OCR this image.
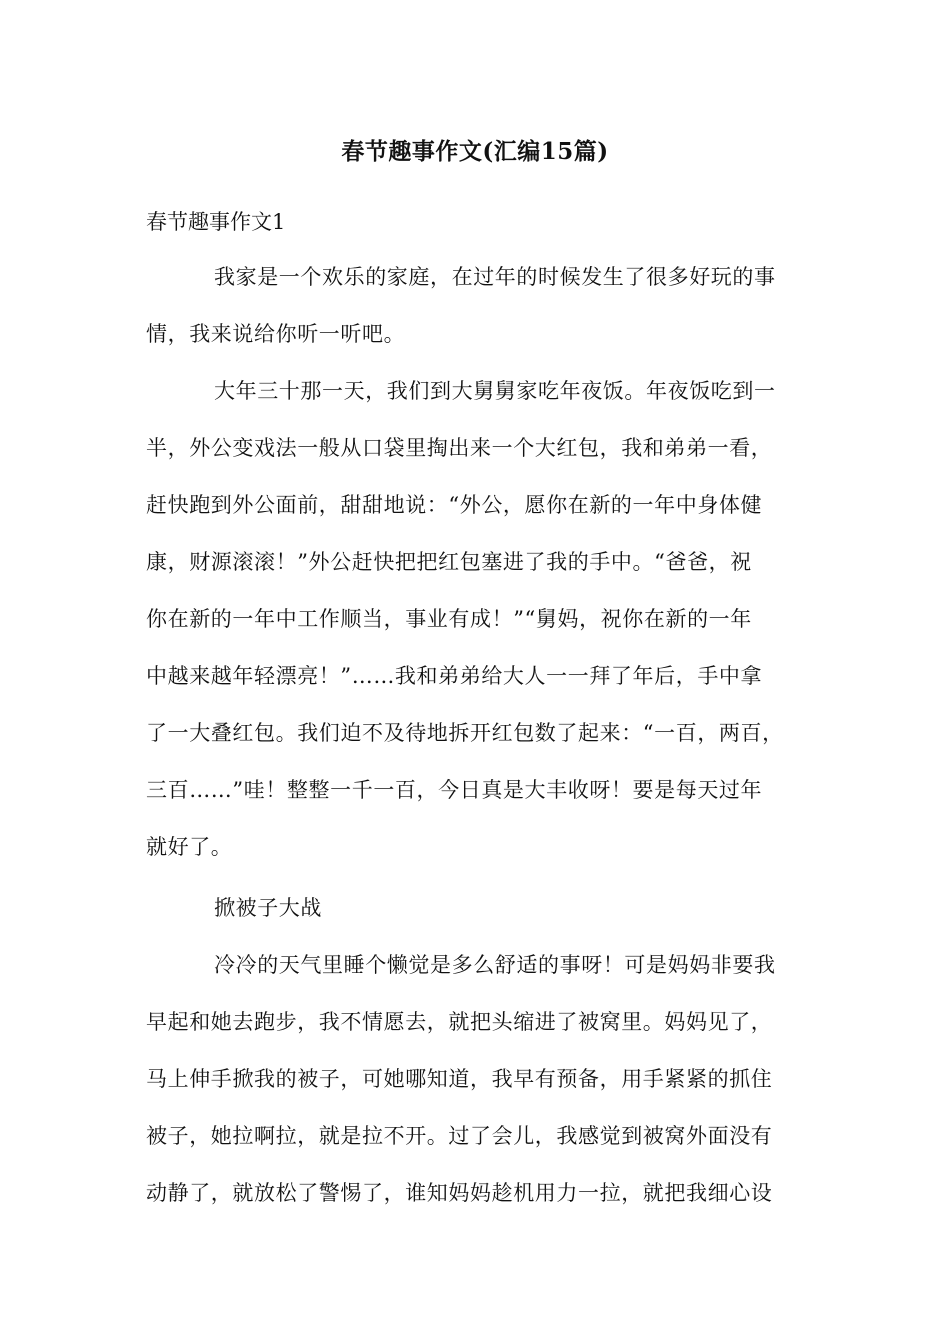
春节趣事作文(汇编15篇)
春节趣事作文1
我家是一个欢乐的家庭，在过年的时候发生了很多好玩的事
情，我来说给你听一听吧。
大年三十那一天，我们到大舅舅家吃年夜饭。年夜饭吃到一
半，外公变戏法一般从口袋里掏出来一个大红包，我和弟弟一看，
赶快跑到外公面前，甜甜地说：“外公，愿你在新的一年中身体健
康，财源滚滚！”外公赶快把把红包塞进了我的手中。“爸爸，祝
你在新的一年中工作顺当，事业有成！”“舅妈，祝你在新的一年
中越来越年轻漂亮！”……我和弟弟给大人一一拜了年后，手中拿
了一大叠红包。我们迫不及待地拆开红包数了起来：“一百，两百，
三百……”哇！整整一千一百，今日真是大丰收呀！要是每天过年
就好了。
掀被子大战
冷冷的天气里睡个懒觉是多么舒适的事呀！可是妈妈非要我
早起和她去跑步，我不情愿去，就把头缩进了被窝里。妈妈见了，
马上伸手掀我的被子，可她哪知道，我早有预备，用手紧紧的抓住
被子，她拉啊拉，就是拉不开。过了会儿，我感觉到被窝外面没有
动静了，就放松了警惕了，谁知妈妈趁机用力一拉，就把我细心设
